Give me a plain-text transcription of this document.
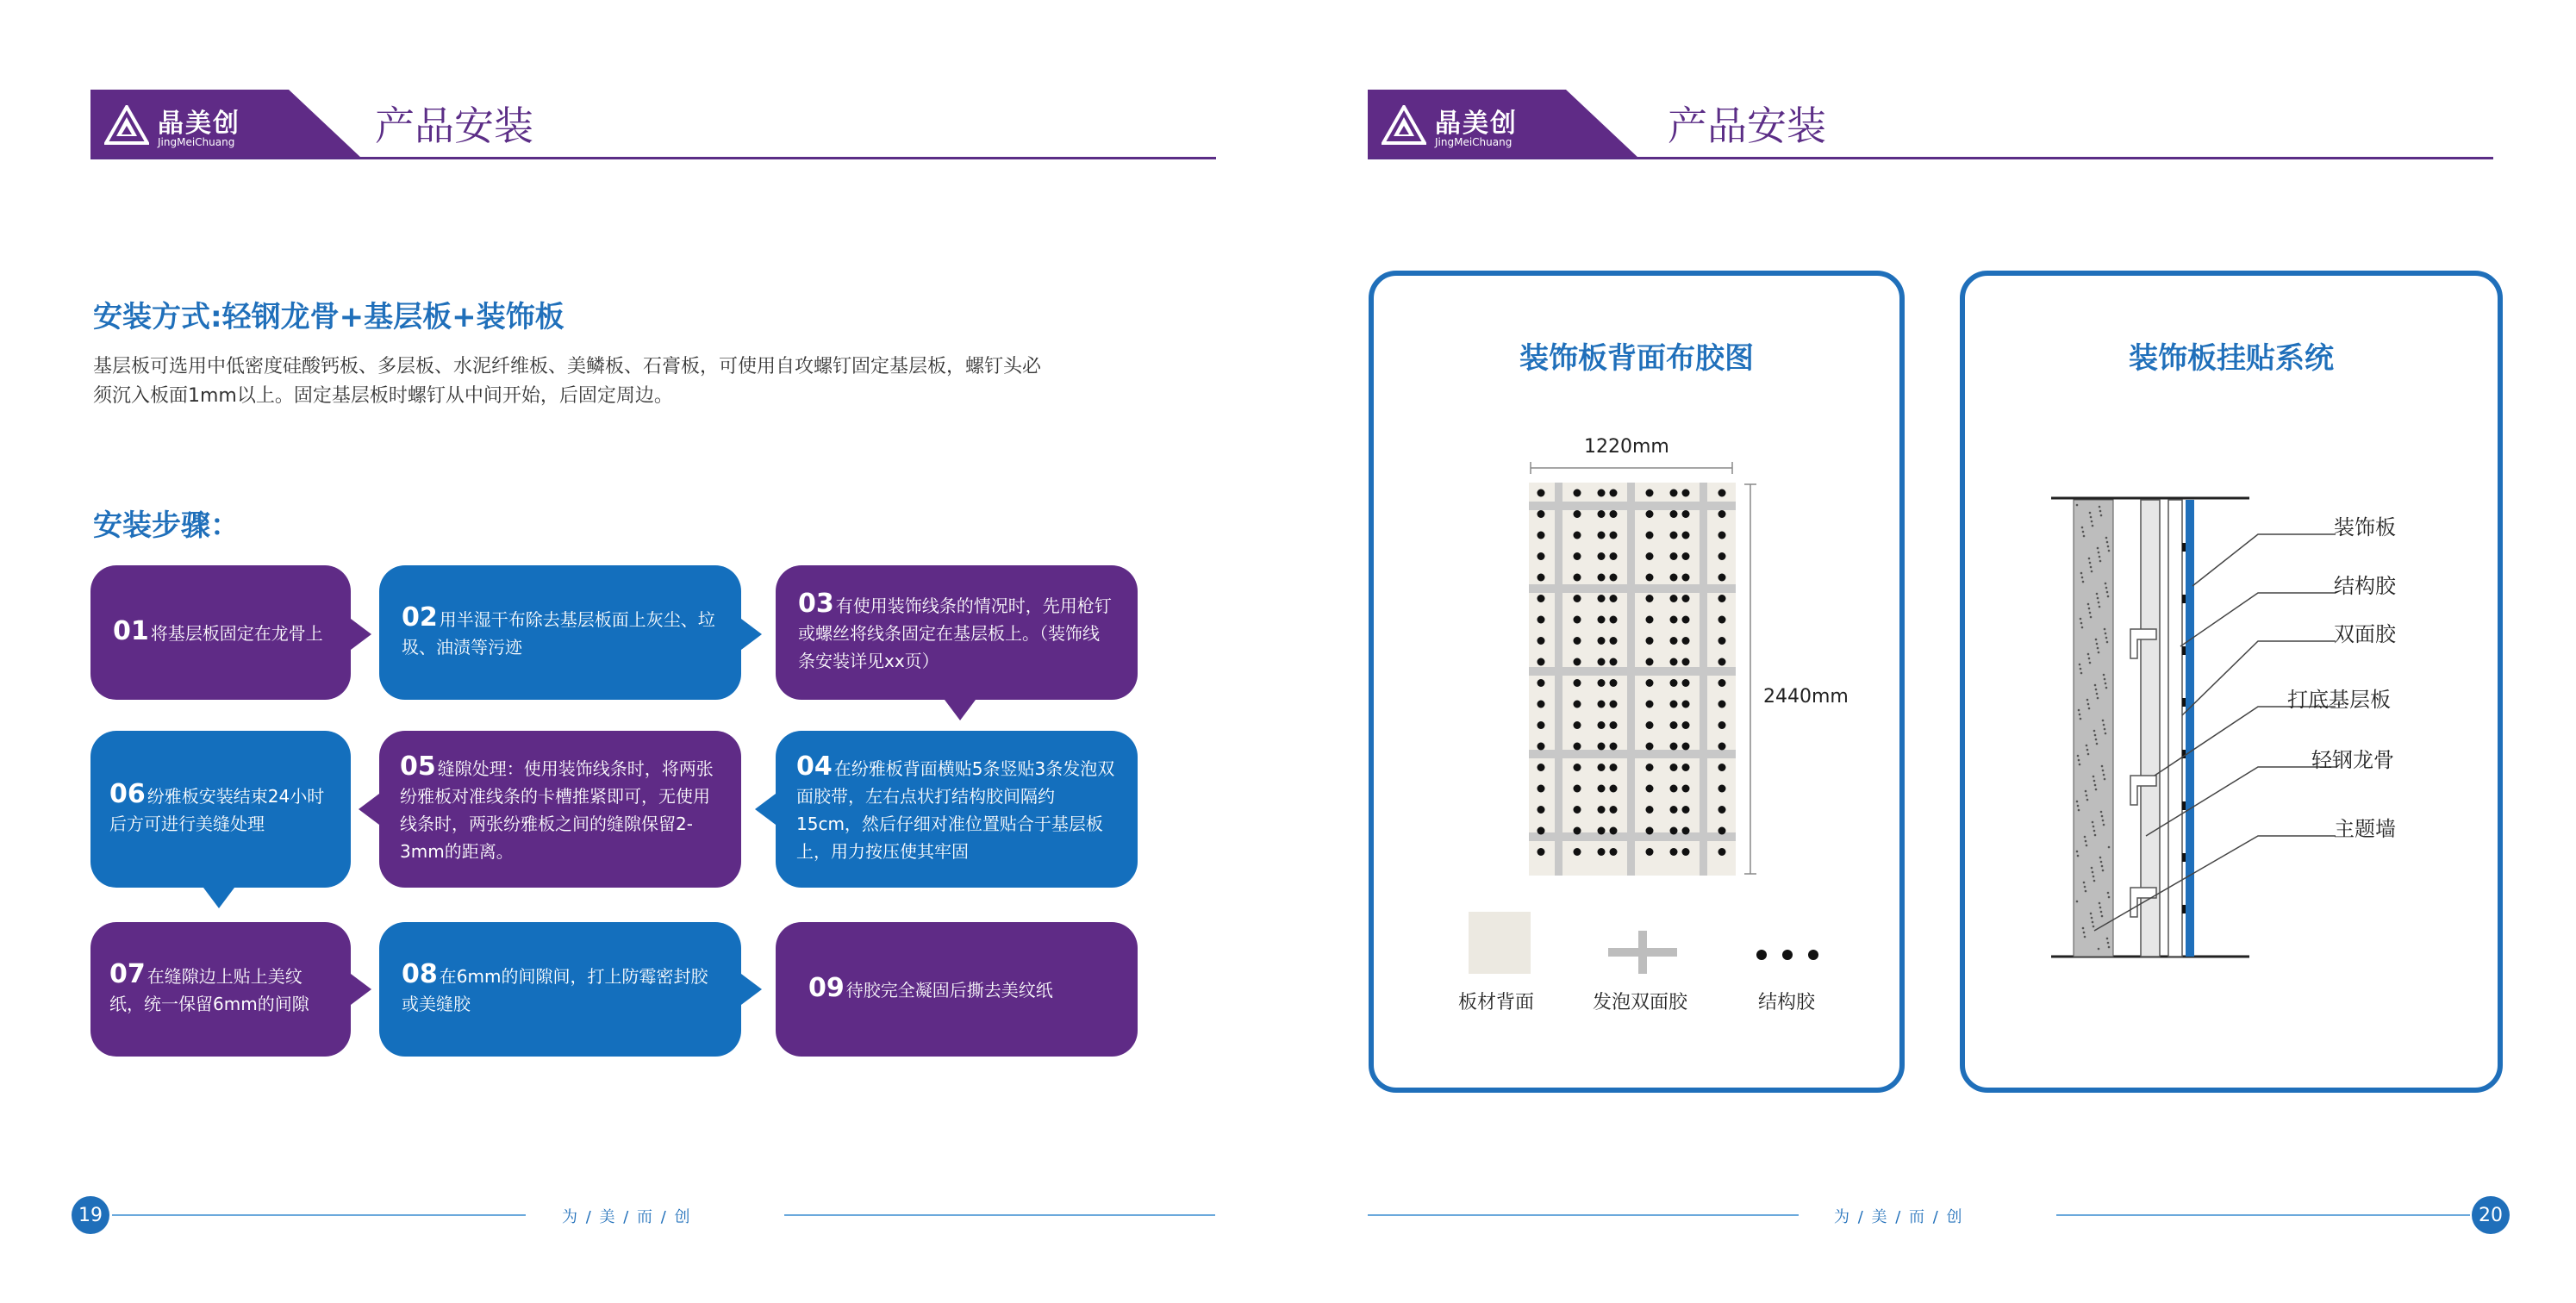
晶美创
JingMeiChuang	产品安装
安装方式:轻钢龙骨+基层板+装饰板
基层板可选用中低密度硅酸钙板、多层板、水泥纤维板、美鳞板、石膏板，可使用自攻螺钉固定基层板，螺钉头必
须沉入板面1mm以上。固定基层板时螺钉从中间开始，后固定周边。
安装步骤：
01 将基层板固定在龙骨上
02 用半湿干布除去基层板面上灰尘、垃圾、油渍等污迹
03 有使用装饰线条的情况时，先用枪钉或螺丝将线条固定在基层板上。（装饰线条安装详见xx页）
06 纷雅板安装结束24小时后方可进行美缝处理
05 缝隙处理：使用装饰线条时，将两张纷雅板对准线条的卡槽推紧即可，无使用线条时，两张纷雅板之间的缝隙保留2-3mm的距离。
04 在纷雅板背面横贴5条竖贴3条发泡双面胶带，左右点状打结构胶间隔约15cm，然后仔细对准位置贴合于基层板上，用力按压使其牢固
07 在缝隙边上贴上美纹纸，统一保留6mm的间隙
08 在6mm的间隙间，打上防霉密封胶或美缝胶
09 待胶完全凝固后撕去美纹纸
19	为 / 美 / 而 / 创
晶美创
JingMeiChuang	产品安装
装饰板背面布胶图
1220mm
2440mm
板材背面	发泡双面胶	结构胶
装饰板挂贴系统
装饰板
结构胶
双面胶
打底基层板
轻钢龙骨
主题墙
为 / 美 / 而 / 创	20
